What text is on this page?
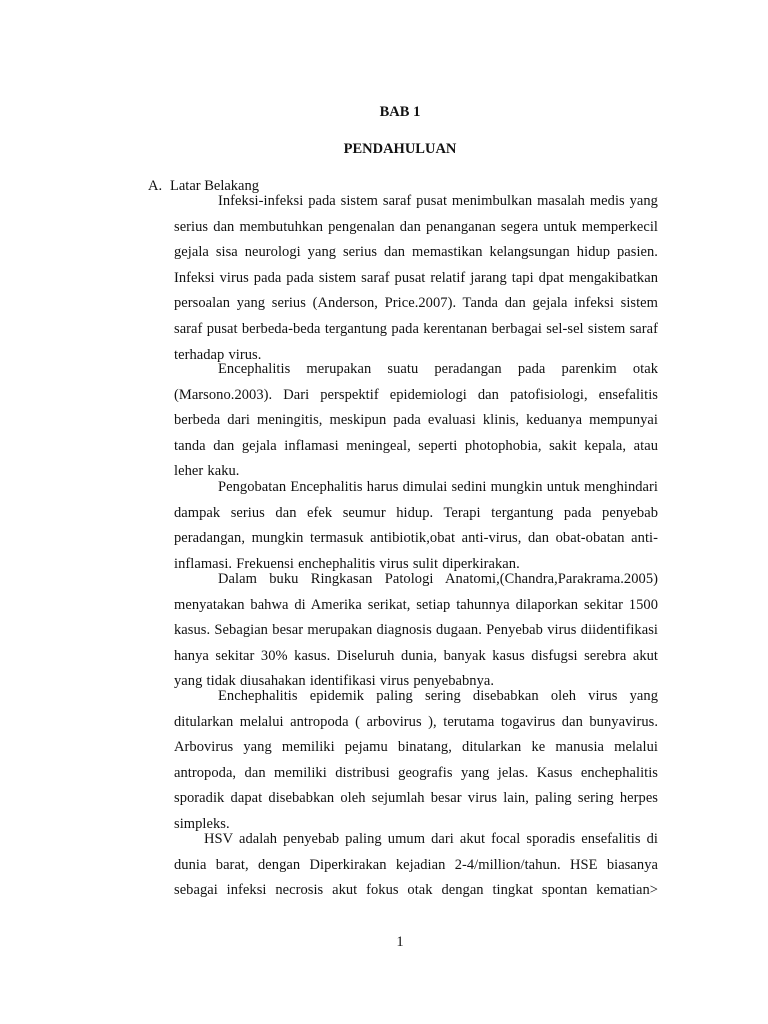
BAB 1

PENDAHULUAN

A. Latar Belakang

Infeksi-infeksi pada sistem saraf pusat menimbulkan masalah medis yang serius dan membutuhkan pengenalan dan penanganan segera untuk memperkecil gejala sisa neurologi yang serius dan memastikan kelangsungan hidup pasien. Infeksi virus pada pada sistem saraf pusat relatif jarang tapi dpat mengakibatkan persoalan yang serius (Anderson, Price.2007). Tanda dan gejala infeksi sistem saraf pusat berbeda-beda tergantung pada kerentanan berbagai sel-sel sistem saraf terhadap virus.

Encephalitis merupakan suatu peradangan pada parenkim otak (Marsono.2003). Dari perspektif epidemiologi dan patofisiologi, ensefalitis berbeda dari meningitis, meskipun pada evaluasi klinis, keduanya mempunyai tanda dan gejala inflamasi meningeal, seperti photophobia, sakit kepala, atau leher kaku.

Pengobatan Encephalitis harus dimulai sedini mungkin untuk menghindari dampak serius dan efek seumur hidup. Terapi tergantung pada penyebab peradangan, mungkin termasuk antibiotik,obat anti-virus, dan obat-obatan anti-inflamasi. Frekuensi enchephalitis virus sulit diperkirakan.

Dalam buku Ringkasan Patologi Anatomi,(Chandra,Parakrama.2005) menyatakan bahwa di Amerika serikat, setiap tahunnya dilaporkan sekitar 1500 kasus. Sebagian besar merupakan diagnosis dugaan. Penyebab virus diidentifikasi hanya sekitar 30% kasus. Diseluruh dunia, banyak kasus disfugsi serebra akut yang tidak diusahakan identifikasi virus penyebabnya.

Enchephalitis epidemik paling sering disebabkan oleh virus yang ditularkan melalui antropoda ( arbovirus ), terutama togavirus dan bunyavirus. Arbovirus yang memiliki pejamu binatang, ditularkan ke manusia melalui antropoda, dan memiliki distribusi geografis yang jelas. Kasus enchephalitis sporadik dapat disebabkan oleh sejumlah besar virus lain, paling sering herpes simpleks.

HSV adalah penyebab paling umum dari akut focal sporadis ensefalitis di dunia barat, dengan Diperkirakan kejadian 2-4/million/tahun. HSE biasanya sebagai infeksi necrosis akut fokus otak dengan tingkat spontan kematian>

1
